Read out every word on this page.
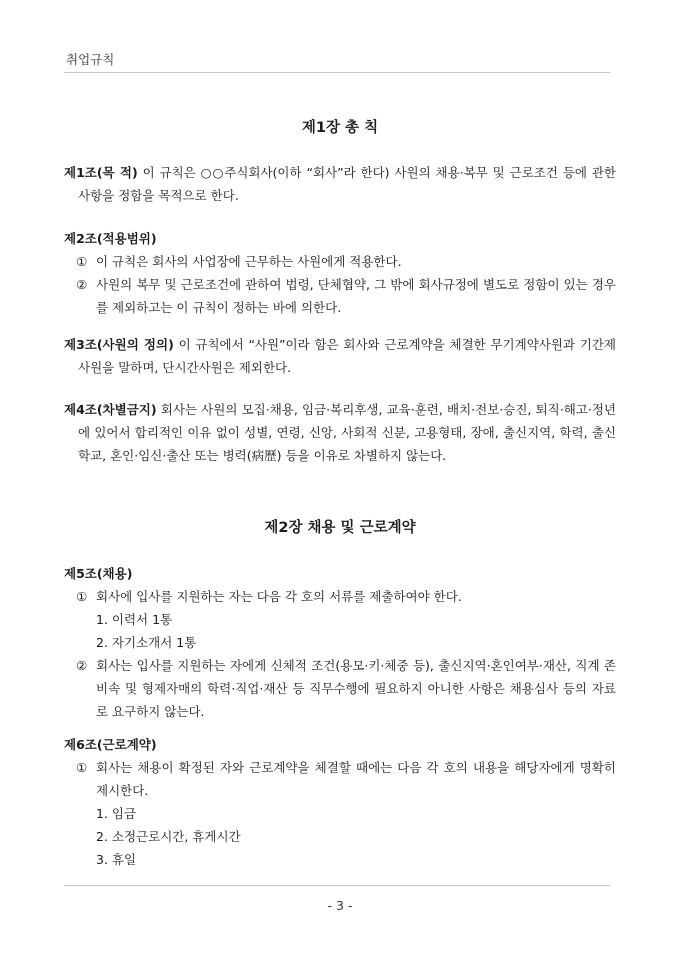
취업규칙
제1장 총 칙
제1조(목 적) 이 규칙은 ○○주식회사(이하 “회사”라 한다) 사원의 채용·복무 및 근로조건 등에 관한 사항을 정함을 목적으로 한다.
제2조(적용범위)
① 이 규칙은 회사의 사업장에 근무하는 사원에게 적용한다.
② 사원의 복무 및 근로조건에 관하여 법령, 단체협약, 그 밖에 회사규정에 별도로 정함이 있는 경우를 제외하고는 이 규칙이 정하는 바에 의한다.
제3조(사원의 정의) 이 규칙에서 “사원”이라 함은 회사와 근로계약을 체결한 무기계약사원과 기간제사원을 말하며, 단시간사원은 제외한다.
제4조(차별금지) 회사는 사원의 모집·채용, 임금·복리후생, 교육·훈련, 배치·전보·승진, 퇴직·해고·정년에 있어서 합리적인 이유 없이 성별, 연령, 신앙, 사회적 신분, 고용형태, 장애, 출신지역, 학력, 출신학교, 혼인·임신·출산 또는 병력(病歷) 등을 이유로 차별하지 않는다.
제2장 채용 및 근로계약
제5조(채용)
① 회사에 입사를 지원하는 자는 다음 각 호의 서류를 제출하여야 한다.
1. 이력서 1통
2. 자기소개서 1통
② 회사는 입사를 지원하는 자에게 신체적 조건(용모·키·체중 등), 출신지역·혼인여부·재산, 직계 존비속 및 형제자매의 학력·직업·재산 등 직무수행에 필요하지 아니한 사항은 채용심사 등의 자료로 요구하지 않는다.
제6조(근로계약)
① 회사는 채용이 확정된 자와 근로계약을 체결할 때에는 다음 각 호의 내용을 해당자에게 명확히 제시한다.
1. 임금
2. 소정근로시간, 휴게시간
3. 휴일
- 3 -
